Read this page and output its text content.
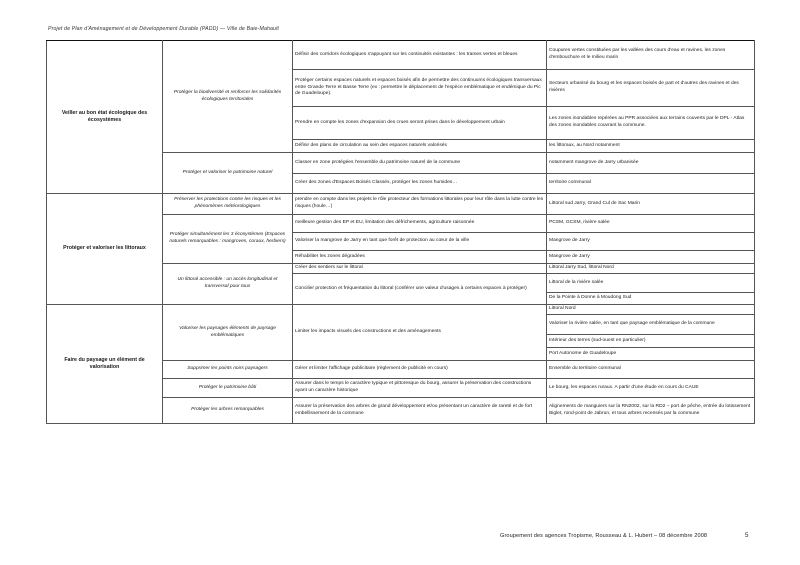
Projet de Plan d'Aménagement et de Développement Durable (PADD) — Ville de Baie-Mahault
Veiller au bon état écologique des écosystèmes	Protéger la biodiversité et renforcer les solidarités écologiques territoriales	Définir des corridors écologiques s'appuyant sur les continuités existantes : les trames vertes et bleues	Coupures vertes constituées par les vallées des cours d'eau et ravines, les zones d'embouchure et le milieu marin
		Protéger certains espaces naturels et espaces boisés afin de permettre des continuums écologiques transversaux entre Grande Terre et Basse Terre (ex : permettre le déplacement de l'espèce emblématique et endémique du Pic de Guadeloupe).	Secteurs urbanisé du bourg et les espaces boisés de part et d'autres des ravines et des rivières
		Prendre en compte les zones d'expansion des crues seront prises dans le développement urbain	Les zones inondables repérées au PPR associées aux terrains couverts par le DPL - Atlas des zones inondables couvrant la commune.
		Définir des plans de circulation au sein des espaces naturels valorisés	les littoraux, au Nord notamment
	Protéger et valoriser le patrimoine naturel	Classer en zone protégées l'ensemble du patrimoine naturel de la commune	notamment mangrove de Jarry urbanisée
		Créer des zones d'Espaces Boisés Classés, protéger les zones humides…	territoire communal
Protéger et valoriser les littoraux	Préserver les protections contre les risques et les phénomènes météorologiques	prendre en compte dans les projets le rôle protecteur des formations littorales pour leur rôle dans la lutte contre les risques (houle…)	Littoral sud Jarry, Grand Cul de Sac Marin
	Protéger simultanément les 3 écosystèmes (Espaces naturels remarquables : mangroves, coraux, herbiers)	meilleure gestion des EP et EU, limitation des défrichements, agriculture raisonnée	PCSM, GCSM, rivière salée
		Valoriser la mangrove de Jarry en tant que forêt de protection au cœur de la ville	Mangrove de Jarry
		Réhabiliter les zones dégradées	Mangrove de Jarry
	Un littoral accessible : un accès longitudinal et transversal pour tous	Créer des sentiers sur le littoral	Littoral Jarry Sud, littoral Nord
		Concilier protection et fréquentation du littoral (conférer une valeur d'usages à certains espaces à protéger)	Littoral de la rivière salée
			De la Pointe à Donne à Moudong Sud
Faire du paysage un élément de valorisation	Valoriser les paysages éléments de paysage emblématiques	Limiter les impacts visuels des constructions et des aménagements	Littoral Nord
			Valoriser la rivière salée, en tant que paysage emblématique de la commune
			Intérieur des terres (sud-ouest en particulier)
			Port Autonome de Guadeloupe
	Supprimer les points noirs paysagers	Gérer et limiter l'affichage publicitaire (règlement de publicité en cours)	Ensemble du territoire communal
	Protéger le patrimoine bâti	Assurer dans le temps le caractère typique et pittoresque du bourg, assurer la préservation des constructions ayant un caractère historique	Le bourg, les espaces ruraux. A partir d'une étude en cours du CAUE
	Protéger les arbres remarquables	Assurer la préservation des arbres de grand développement et/ou présentant un caractère de rareté et de fort embellissement de la commune	Alignements de manguiers sur la RN2002, sur la RD2 – port de pêche, entrée du lotissement Biglet, rond-point de Jabrun, et tous arbres recensés par la commune
Groupement des agences Tropisme, Rousseau & L. Hubert – 08 décembre 2008	5
